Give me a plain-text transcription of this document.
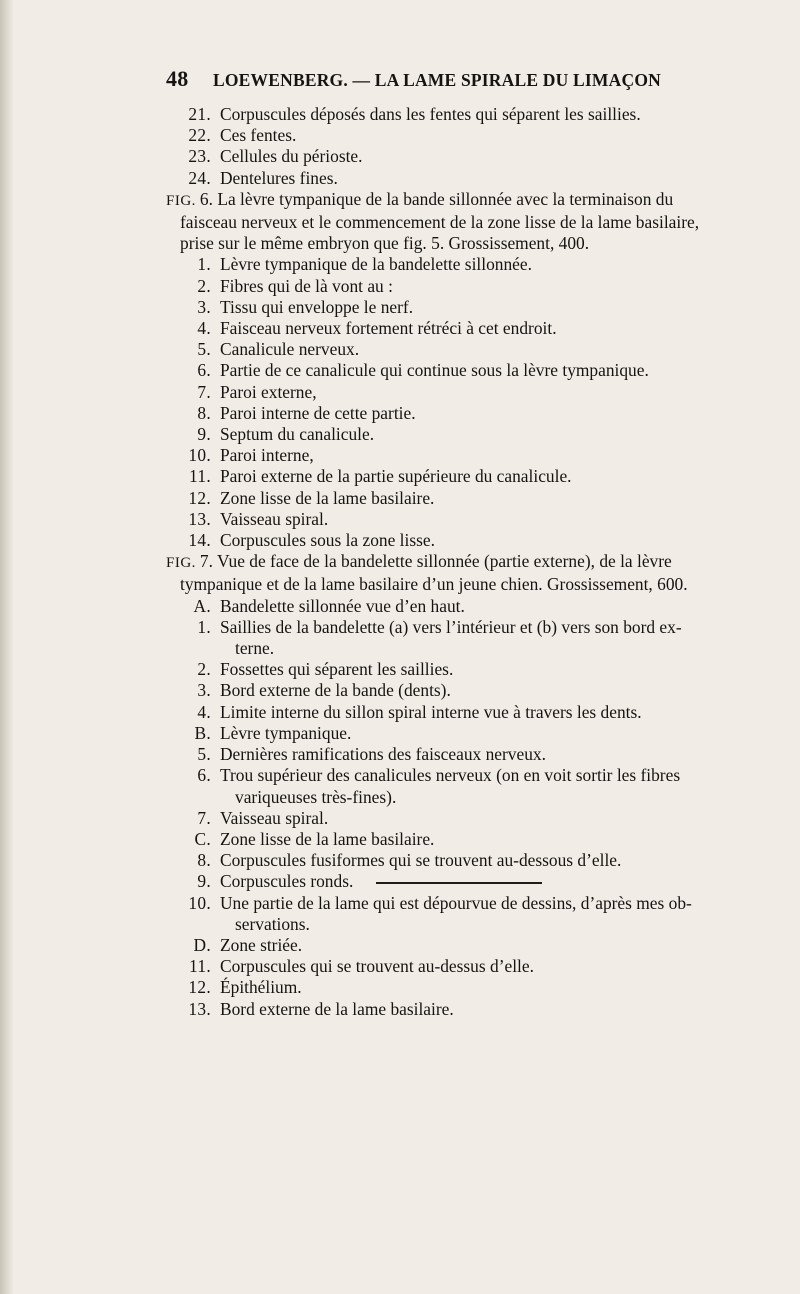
48 LOEWENBERG. — LA LAME SPIRALE DU LIMAÇON
21 . Corpuscules déposés dans les fentes qui séparent les saillies.
22 . Ces fentes.
23 . Cellules du périoste.
24 . Dentelures fines.
FIG. 6 . La lèvre tympanique de la bande sillonnée avec la terminaison du
faisceau nerveux et le commencement de la zone lisse de la lame basilaire,
prise sur le même embryon que fig. 5. Grossissement, 400.
1 . Lèvre tympanique de la bandelette sillonnée.
2 . Fibres qui de là vont au :
3 . Tissu qui enveloppe le nerf.
4 . Faisceau nerveux fortement rétréci à cet endroit.
5 . Canalicule nerveux.
6 . Partie de ce canalicule qui continue sous la lèvre tympanique.
7 . Paroi externe,
8 . Paroi interne de cette partie.
9 . Septum du canalicule.
10 . Paroi interne,
11 . Paroi externe de la partie supérieure du canalicule.
12 . Zone lisse de la lame basilaire.
13 . Vaisseau spiral.
14 . Corpuscules sous la zone lisse.
FIG. 7 . Vue de face de la bandelette sillonnée (partie externe), de la lèvre
tympanique et de la lame basilaire d’un jeune chien. Grossissement, 600.
A . Bandelette sillonnée vue d’en haut.
1 . Saillies de la bandelette (a) vers l’intérieur et (b) vers son bord ex-
terne.
2 . Fossettes qui séparent les saillies.
3 . Bord externe de la bande (dents).
4 . Limite interne du sillon spiral interne vue à travers les dents.
B . Lèvre tympanique.
5 . Dernières ramifications des faisceaux nerveux.
6 . Trou supérieur des canalicules nerveux (on en voit sortir les fibres
variqueuses très-fines).
7 . Vaisseau spiral.
C . Zone lisse de la lame basilaire.
8 . Corpuscules fusiformes qui se trouvent au-dessous d’elle.
9 . Corpuscules ronds.
10 . Une partie de la lame qui est dépourvue de dessins, d’après mes ob-
servations.
D . Zone striée.
11 . Corpuscules qui se trouvent au-dessus d’elle.
12 . Épithélium.
13 . Bord externe de la lame basilaire.
